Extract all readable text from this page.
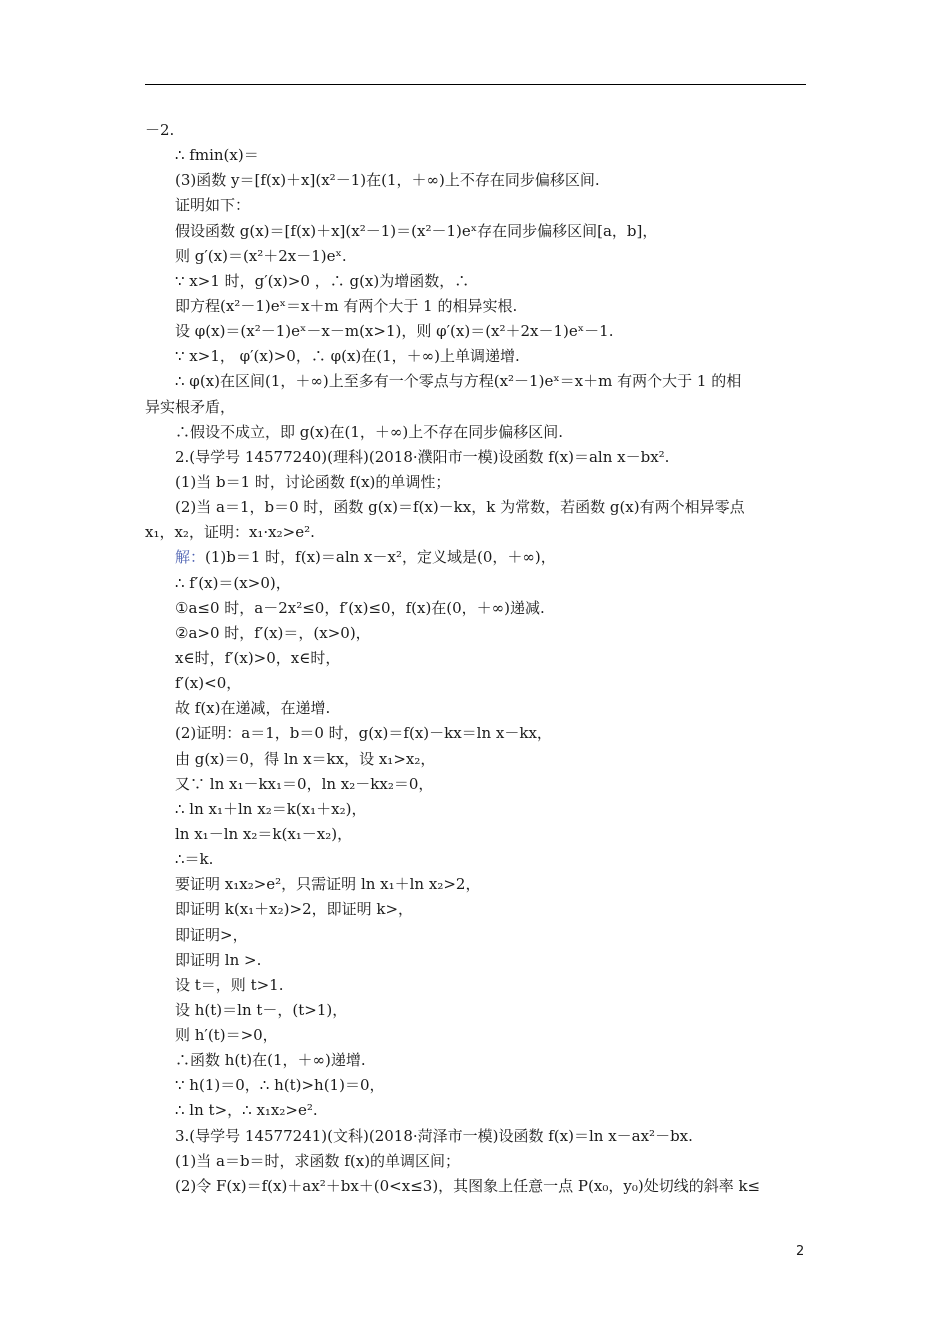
－2.
∴ fmin(x)＝
(3)函数 y＝[f(x)＋x](x²－1)在(1，＋∞)上不存在同步偏移区间.
证明如下：
假设函数 g(x)＝[f(x)＋x](x²－1)＝(x²－1)eˣ存在同步偏移区间[a，b]，
则 g′(x)＝(x²＋2x－1)eˣ.
∵ x>1 时，g′(x)>0 ，∴ g(x)为增函数，∴
即方程(x²－1)eˣ＝x＋m 有两个大于 1 的相异实根.
设 φ(x)＝(x²－1)eˣ－x－m(x>1)，则 φ′(x)＝(x²＋2x－1)eˣ－1.
∵ x>1， φ′(x)>0，∴ φ(x)在(1，＋∞)上单调递增.
∴ φ(x)在区间(1，＋∞)上至多有一个零点与方程(x²－1)eˣ＝x＋m 有两个大于 1 的相
异实根矛盾，
∴假设不成立，即 g(x)在(1，＋∞)上不存在同步偏移区间.
2.(导学号 14577240)(理科)(2018·濮阳市一模)设函数 f(x)＝aln x－bx².
(1)当 b＝1 时，讨论函数 f(x)的单调性；
(2)当 a＝1，b＝0 时，函数 g(x)＝f(x)－kx，k 为常数，若函数 g(x)有两个相异零点
x₁，x₂，证明：x₁·x₂>e².
解：(1)b＝1 时，f(x)＝aln x－x²，定义域是(0，＋∞)，
∴ f′(x)＝(x>0)，
①a≤0 时，a－2x²≤0，f′(x)≤0，f(x)在(0，＋∞)递减.
②a>0 时，f′(x)＝，(x>0)，
x∈时，f′(x)>0，x∈时，
f′(x)<0，
故 f(x)在递减，在递增.
(2)证明：a＝1，b＝0 时，g(x)＝f(x)－kx＝ln x－kx，
由 g(x)＝0，得 ln x＝kx，设 x₁>x₂，
又∵ ln x₁－kx₁＝0，ln x₂－kx₂＝0，
∴ ln x₁＋ln x₂＝k(x₁＋x₂)，
ln x₁－ln x₂＝k(x₁－x₂)，
∴＝k.
要证明 x₁x₂>e²，只需证明 ln x₁＋ln x₂>2，
即证明 k(x₁＋x₂)>2，即证明 k>，
即证明>，
即证明 ln >.
设 t＝，则 t>1.
设 h(t)＝ln t－，(t>1)，
则 h′(t)＝>0，
∴函数 h(t)在(1，＋∞)递增.
∵ h(1)＝0，∴ h(t)>h(1)＝0，
∴ ln t>，∴ x₁x₂>e².
3.(导学号 14577241)(文科)(2018·菏泽市一模)设函数 f(x)＝ln x－ax²－bx.
(1)当 a＝b＝时，求函数 f(x)的单调区间；
(2)令 F(x)＝f(x)＋ax²＋bx＋(0<x≤3)，其图象上任意一点 P(x₀，y₀)处切线的斜率 k≤
2
